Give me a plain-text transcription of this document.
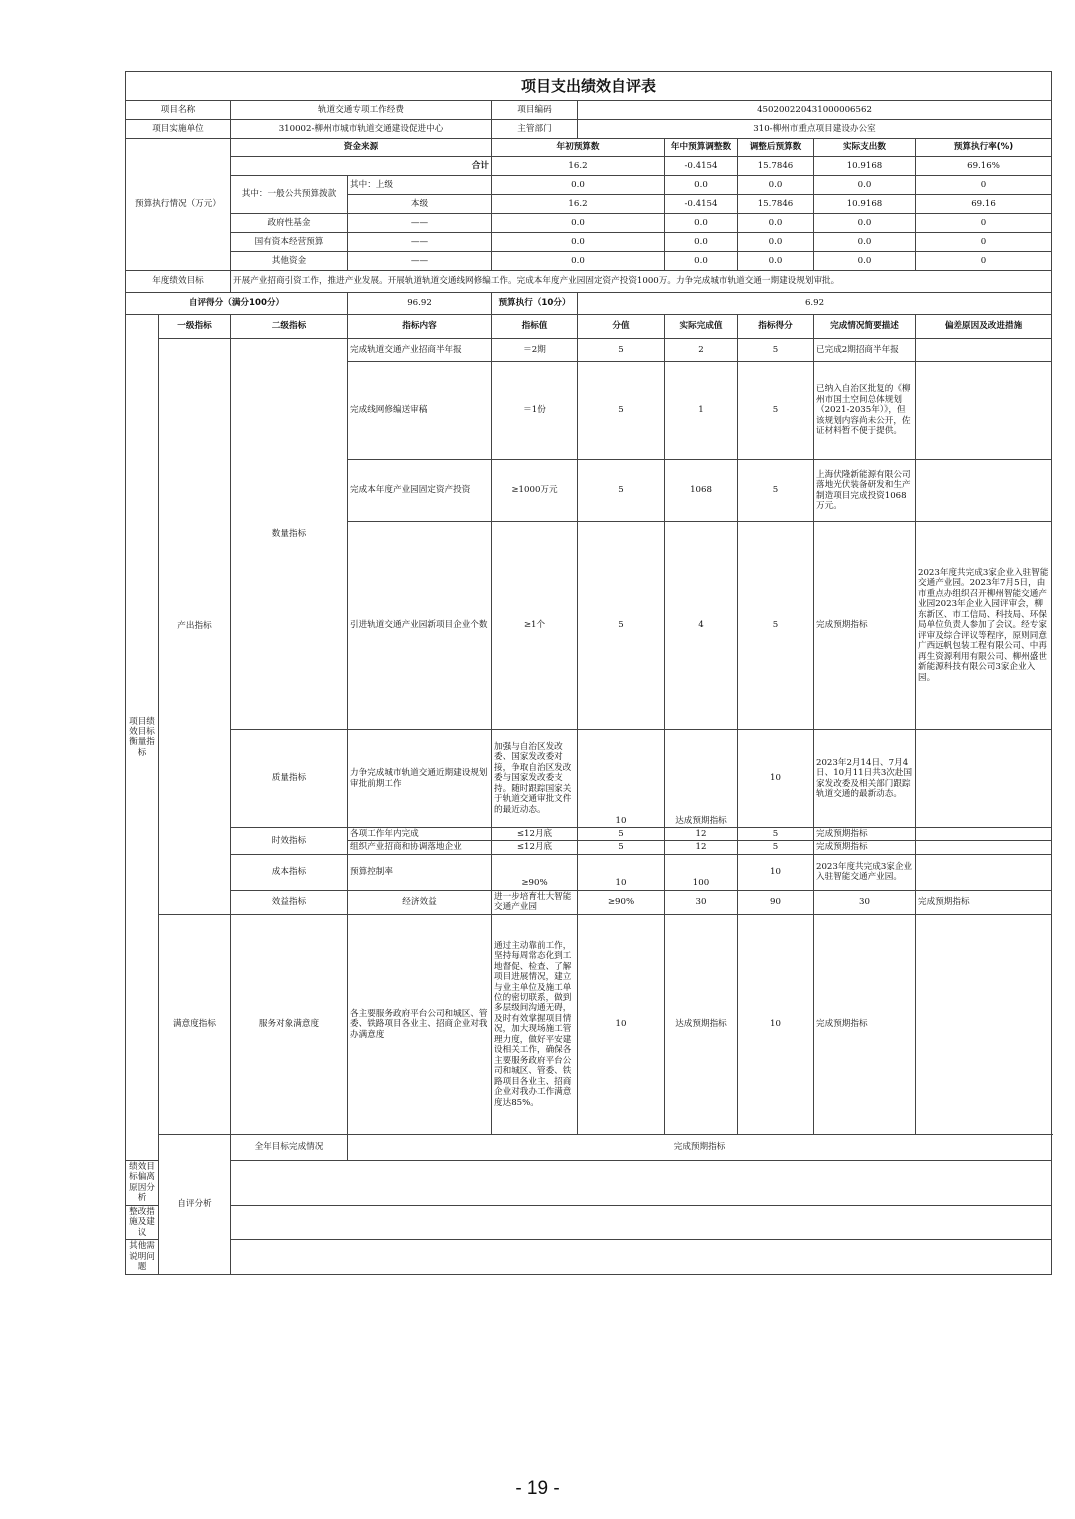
项目支出绩效自评表										
项目名称		轨道交通专项工作经费		项目编码	450200220431000006562					
项目实施单位		310002-柳州市城市轨道交通建设促进中心		主管部门	310-柳州市重点项目建设办公室					
预算执行情况（万元）		资金来源		年初预算数		年中预算调整数	调整后预算数	实际支出数	预算执行率(%)	
		合计		16.2		-0.4154	15.7846	10.9168	69.16%	
		其中：一般公共预算拨款	其中：上级	0.0		0.0	0.0	0.0	0	
			本级	16.2		-0.4154	15.7846	10.9168	69.16	
		政府性基金	——	0.0		0.0	0.0	0.0	0	
		国有资本经营预算	——	0.0		0.0	0.0	0.0	0	
		其他资金	——	0.0		0.0	0.0	0.0	0	

年度绩效目标		开展产业招商引资工作，推进产业发展。开展轨道轨道交通线网修编工作。完成本年度产业园固定资产投资1000万。力争完成城市轨道交通一期建设规划审批。								
自评得分（满分100分）			96.92	预算执行（10分）	6.92					
项目绩效目标衡量指标	一级指标	二级指标	指标内容	指标值	分值	实际完成值	指标得分	完成情况简要描述	偏差原因及改进措施	
	产出指标	数量指标	完成轨道交通产业招商半年报	＝2期	5	2	5	已完成2期招商半年报		
			完成线网修编送审稿	＝1份	5	1	5	已纳入自治区批复的《柳州市国土空间总体规划（2021-2035年）》，但该规划内容尚未公开，佐证材料暂不便于提供。		
			完成本年度产业园固定资产投资	≥1000万元	5	1068	5	上海伏隆新能源有限公司落地光伏装备研发和生产制造项目完成投资1068万元。		
			引进轨道交通产业园新项目企业个数	≥1个	5	4	5	完成预期指标	2023年度共完成3家企业入驻智能交通产业园。2023年7月5日，由市重点办组织召开柳州智能交通产业园2023年企业入园评审会，柳东新区、市工信局、科技局、环保局单位负责人参加了会议。经专家评审及综合评议等程序，原则同意广西远帆包装工程有限公司、中再再生资源利用有限公司、柳州盛世新能源科技有限公司3家企业入园。	
		质量指标	力争完成城市轨道交通近期建设规划审批前期工作	加强与自治区发改委、国家发改委对接，争取自治区发改委与国家发改委支持。随时跟踪国家关于轨道交通审批文件的最近动态。	10	达成预期指标	10	2023年2月14日、7月4日、10月11日共3次赴国家发改委及相关部门跟踪轨道交通的最新动态。		
		时效指标	各项工作年内完成	≤12月底	5	12	5	完成预期指标		
			组织产业招商和协调落地企业	≤12月底	5	12	5	完成预期指标		
		成本指标	预算控制率	≥90%	10	100	10	2023年度共完成3家企业入驻智能交通产业园。		
		效益指标	经济效益	进一步培育壮大智能交通产业园	≥90%	30	90	30	完成预期指标	
	满意度指标	服务对象满意度	各主要服务政府平台公司和城区、管委、铁路项目各业主、招商企业对我办满意度	通过主动靠前工作，坚持每周常态化到工地督促、检查、了解项目进展情况，建立与业主单位及施工单位的密切联系，做到多层级间沟通无碍，及时有效掌握项目情况，加大现场施工管理力度，做好平安建设相关工作，确保各主要服务政府平台公司和城区、管委、铁路项目各业主、招商企业对我办工作满意度达85%。	10	达成预期指标	10	完成预期指标		

	自评分析	全年目标完成情况	完成预期指标							
绩效目标偏离原因分析										
整改措施及建议										
其他需说明问题										
- 19 -
